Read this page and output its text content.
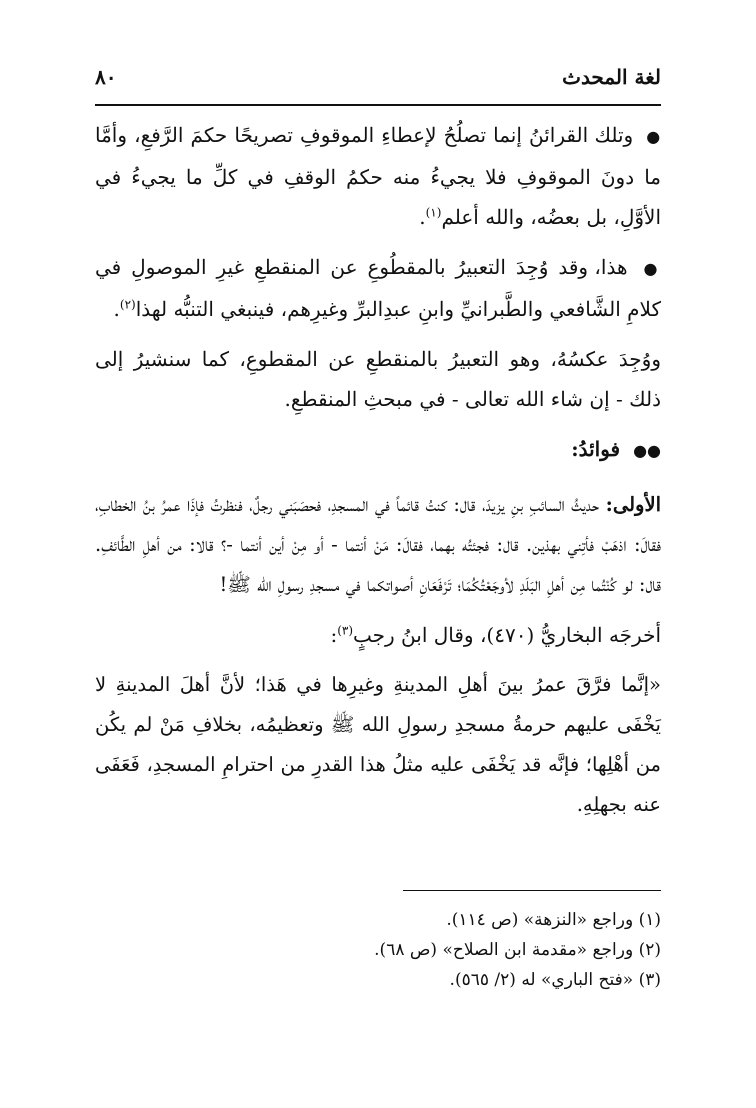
لغة المحدث
٨٠

● وتلك القرائنُ إنما تصلُحُ لإعطاءِ الموقوفِ تصريحًا حكمَ الرَّفعِ، وأمَّا ما دونَ الموقوفِ فلا يجيءُ منه حكمُ الوقفِ في كلِّ ما يجيءُ في الأوَّلِ، بل بعضُه، والله أعلم$^{(١)}$.

● هذا، وقد وُجِدَ التعبيرُ بالمقطُوعِ عن المنقطعِ غيرِ الموصولِ في كلامِ الشَّافعي والطَّبرانيِّ وابنِ عبدِالبرِّ وغيرِهم، فينبغي التنبُّه لهذا$^{(٢)}$.

ووُجِدَ عكسُهُ، وهو التعبيرُ بالمنقطعِ عن المقطوعِ، كما سنشيرُ إلى ذلك - إن شاء الله تعالى - في مبحثِ المنقطعِ.

●● فوائدُ:

الأولى: حديثُ السائبِ بنِ يزيدَ، قال: كنتُ قائماً في المسجدِ، فحصَبَني رجلٌ، فنظرتُ فإذَا عمرُ بنُ الخطابِ، فقالَ: اذهَبْ فأتِني بهذين. قال: فجئتُه بهما، فقالَ: مَنْ أنتما - أو مِنْ أين أنتما -؟ قالا: من أهلِ الطَّائفِ. قال: لو كُنْتُما مِن أهلِ البَلَدِ لأوجَعْتُكُمَا؛ تَرْفَعَانِ أصواتكما في مسجدِ رسولِ الله ﷺ!

أخرجَه البخاريُّ (٤٧٠)، وقال ابنُ رجبٍ$^{(٣)}$:

«إنَّما فرَّقَ عمرُ بينَ أهلِ المدينةِ وغيرِها في هَذا؛ لأنَّ أهلَ المدينةِ لا يَخْفَى عليهم حرمةُ مسجدِ رسولِ الله ﷺ وتعظيمُه، بخلافِ مَنْ لم يكُن من أهْلِها؛ فإنَّه قد يَخْفَى عليه مثلُ هذا القدرِ من احترامِ المسجدِ، فَعَفَى عنه بجهلِهِ.

(١) وراجع «النزهة» (ص ١١٤).

(٢) وراجع «مقدمة ابن الصلاح» (ص ٦٨).

(٣) «فتح الباري» له (٢/ ٥٦٥).
